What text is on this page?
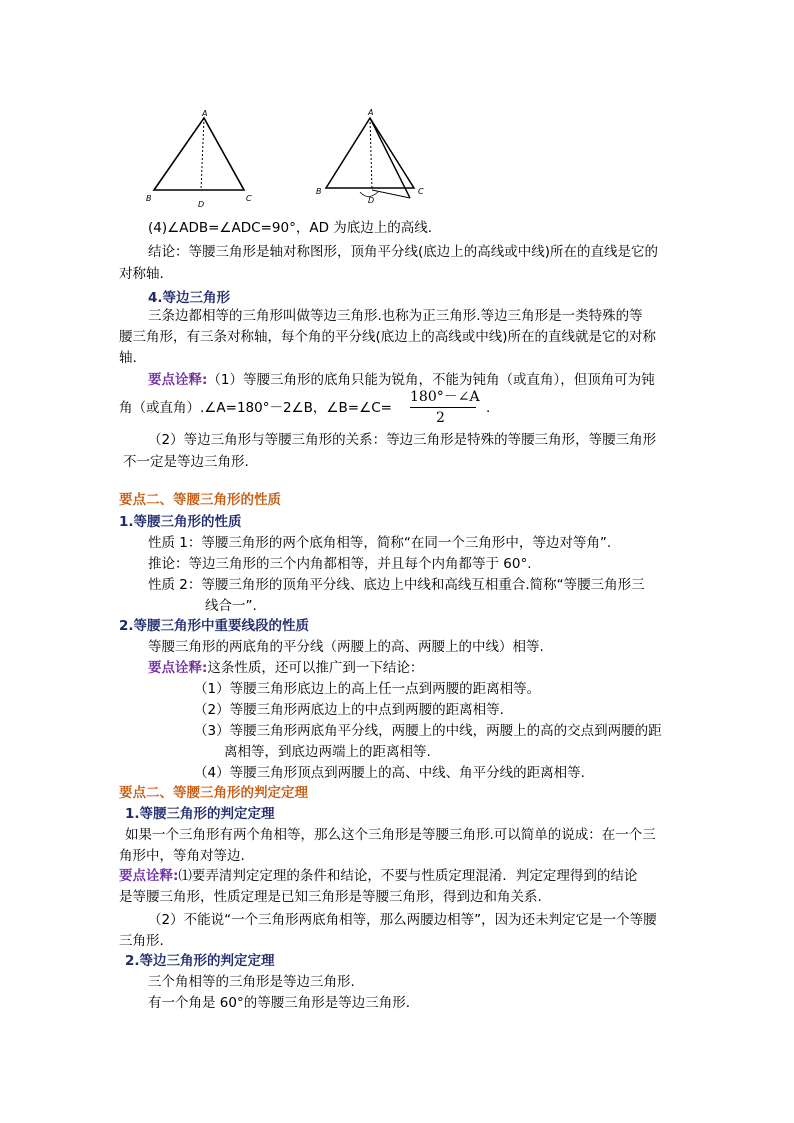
A
B
D
C
A
B
D
C
(4)∠ADB=∠ADC=90°，AD 为底边上的高线.
结论：等腰三角形是轴对称图形，顶角平分线(底边上的高线或中线)所在的直线是它的
对称轴.
4.等边三角形
三条边都相等的三角形叫做等边三角形.也称为正三角形.等边三角形是一类特殊的等
腰三角形，有三条对称轴，每个角的平分线(底边上的高线或中线)所在的直线就是它的对称
轴.
要点诠释:（1）等腰三角形的底角只能为锐角，不能为钝角（或直角），但顶角可为钝
角（或直角）.∠A=180°－2∠B，∠B=∠C=
180°－∠A
2
.
（2）等边三角形与等腰三角形的关系：等边三角形是特殊的等腰三角形，等腰三角形
不一定是等边三角形.
要点二、等腰三角形的性质
1.等腰三角形的性质
性质 1：等腰三角形的两个底角相等，简称“在同一个三角形中，等边对等角”.
推论：等边三角形的三个内角都相等，并且每个内角都等于 60°.
性质 2：等腰三角形的顶角平分线、底边上中线和高线互相重合.简称“等腰三角形三
线合一”.
2.等腰三角形中重要线段的性质
等腰三角形的两底角的平分线（两腰上的高、两腰上的中线）相等.
要点诠释:这条性质，还可以推广到一下结论：
（1）等腰三角形底边上的高上任一点到两腰的距离相等。
（2）等腰三角形两底边上的中点到两腰的距离相等.
（3）等腰三角形两底角平分线，两腰上的中线，两腰上的高的交点到两腰的距
离相等，到底边两端上的距离相等.
（4）等腰三角形顶点到两腰上的高、中线、角平分线的距离相等.
要点二、等腰三角形的判定定理
1.等腰三角形的判定定理
如果一个三角形有两个角相等，那么这个三角形是等腰三角形.可以简单的说成：在一个三
角形中，等角对等边.
要点诠释:⑴要弄清判定定理的条件和结论，不要与性质定理混淆．判定定理得到的结论
是等腰三角形，性质定理是已知三角形是等腰三角形，得到边和角关系.
（2）不能说“一个三角形两底角相等，那么两腰边相等”，因为还未判定它是一个等腰
三角形.
2.等边三角形的判定定理
三个角相等的三角形是等边三角形.
有一个角是 60°的等腰三角形是等边三角形.
